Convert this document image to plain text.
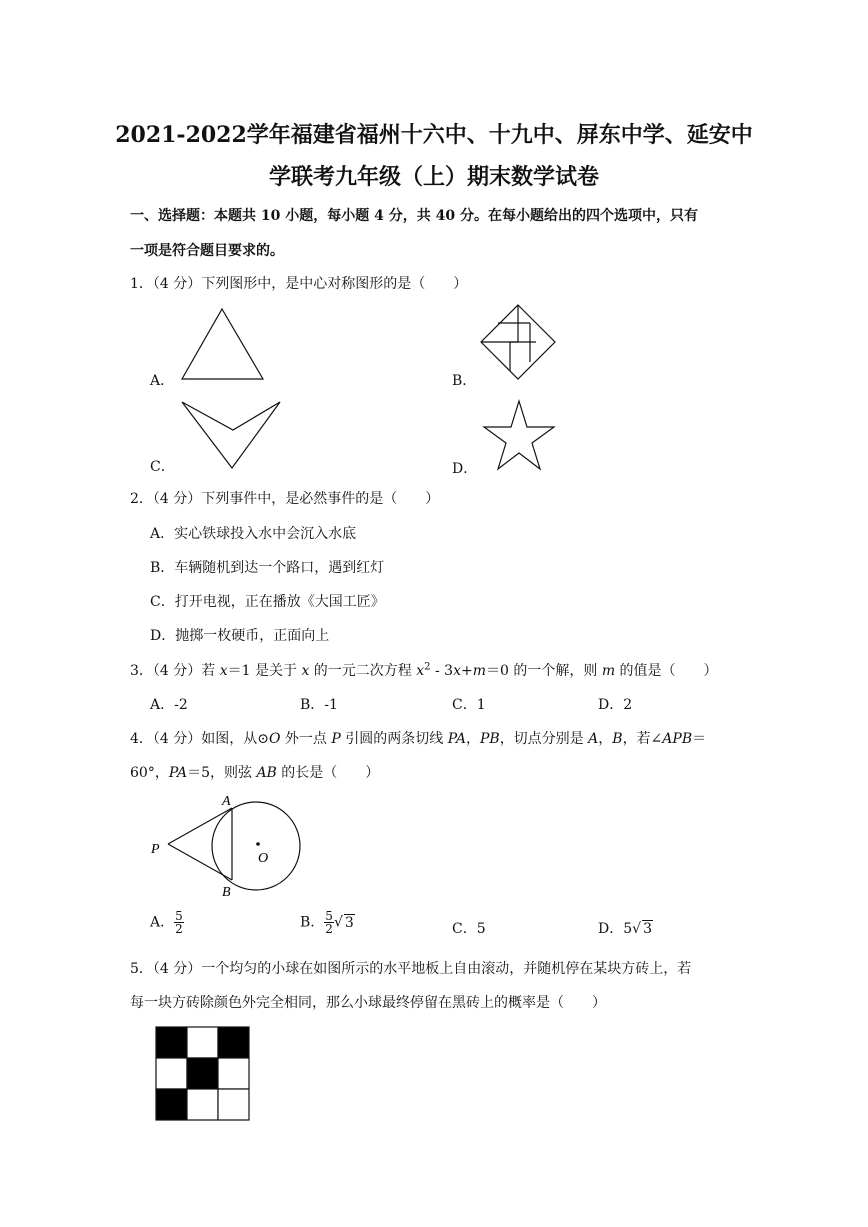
2021-2022学年福建省福州十六中、十九中、屏东中学、延安中
学联考九年级（上）期末数学试卷
一、选择题：本题共 10 小题，每小题 4 分，共 40 分。在每小题给出的四个选项中，只有
一项是符合题目要求的。
1．（4 分）下列图形中，是中心对称图形的是（　　）
A．	B．
C．	D．
2．（4 分）下列事件中，是必然事件的是（　　）
A．实心铁球投入水中会沉入水底
B．车辆随机到达一个路口，遇到红灯
C．打开电视，正在播放《大国工匠》
D．抛掷一枚硬币，正面向上
3．（4 分）若 x＝1 是关于 x 的一元二次方程 $x^2$ ‐ 3x+m＝0 的一个解，则 m 的值是（　　）
A．‐2	B．‐1	C．1	D．2
4．（4 分）如图，从⊙O 外一点 P 引圆的两条切线 PA，PB，切点分别是 A，B，若∠APB＝
60°，PA＝5，则弦 AB 的长是（　　）
A
B
P
O
A． $\frac{5}{2}$	B． $\frac{5}{2}$ √ 3	C．5	D．5√ 3
5．（4 分）一个均匀的小球在如图所示的水平地板上自由滚动，并随机停在某块方砖上，若
每一块方砖除颜色外完全相同，那么小球最终停留在黑砖上的概率是（　　）
